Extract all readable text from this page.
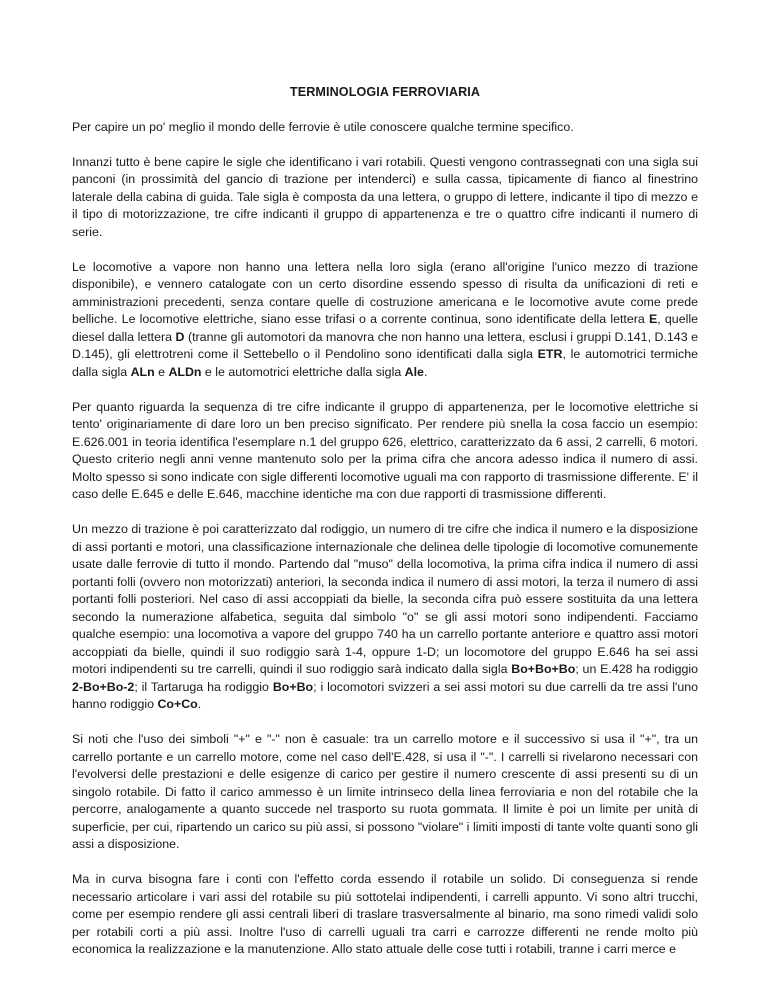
TERMINOLOGIA FERROVIARIA

Per capire un po' meglio il mondo delle ferrovie è utile conoscere qualche termine specifico.

Innanzi tutto è bene capire le sigle che identificano i vari rotabili. Questi vengono contrassegnati con una sigla sui panconi (in prossimità del gancio di trazione per intenderci) e sulla cassa, tipicamente di fianco al finestrino laterale della cabina di guida. Tale sigla è composta da una lettera, o gruppo di lettere, indicante il tipo di mezzo e il tipo di motorizzazione, tre cifre indicanti il gruppo di appartenenza e tre o quattro cifre indicanti il numero di serie.

Le locomotive a vapore non hanno una lettera nella loro sigla (erano all'origine l'unico mezzo di trazione disponibile), e vennero catalogate con un certo disordine essendo spesso di risulta da unificazioni di reti e amministrazioni precedenti, senza contare quelle di costruzione americana e le locomotive avute come prede belliche. Le locomotive elettriche, siano esse trifasi o a corrente continua, sono identificate della lettera E, quelle diesel dalla lettera D (tranne gli automotori da manovra che non hanno una lettera, esclusi i gruppi D.141, D.143 e D.145), gli elettrotreni come il Settebello o il Pendolino sono identificati dalla sigla ETR, le automotrici termiche dalla sigla ALn e ALDn e le automotrici elettriche dalla sigla Ale.

Per quanto riguarda la sequenza di tre cifre indicante il gruppo di appartenenza, per le locomotive elettriche si tento' originariamente di dare loro un ben preciso significato. Per rendere più snella la cosa faccio un esempio: E.626.001 in teoria identifica l'esemplare n.1 del gruppo 626, elettrico, caratterizzato da 6 assi, 2 carrelli, 6 motori. Questo criterio negli anni venne mantenuto solo per la prima cifra che ancora adesso indica il numero di assi. Molto spesso si sono indicate con sigle differenti locomotive uguali ma con rapporto di trasmissione differente. E' il caso delle E.645 e delle E.646, macchine identiche ma con due rapporti di trasmissione differenti.

Un mezzo di trazione è poi caratterizzato dal rodiggio, un numero di tre cifre che indica il numero e la disposizione di assi portanti e motori, una classificazione internazionale che delinea delle tipologie di locomotive comunemente usate dalle ferrovie di tutto il mondo. Partendo dal "muso" della locomotiva, la prima cifra indica il numero di assi portanti folli (ovvero non motorizzati) anteriori, la seconda indica il numero di assi motori, la terza il numero di assi portanti folli posteriori. Nel caso di assi accoppiati da bielle, la seconda cifra può essere sostituita da una lettera secondo la numerazione alfabetica, seguita dal simbolo "o" se gli assi motori sono indipendenti. Facciamo qualche esempio: una locomotiva a vapore del gruppo 740 ha un carrello portante anteriore e quattro assi motori accoppiati da bielle, quindi il suo rodiggio sarà 1-4, oppure 1-D; un locomotore del gruppo E.646 ha sei assi motori indipendenti su tre carrelli, quindi il suo rodiggio sarà indicato dalla sigla Bo+Bo+Bo; un E.428 ha rodiggio 2-Bo+Bo-2; il Tartaruga ha rodiggio Bo+Bo; i locomotori svizzeri a sei assi motori su due carrelli da tre assi l'uno hanno rodiggio Co+Co.

Si noti che l'uso dei simboli "+" e "-" non è casuale: tra un carrello motore e il successivo si usa il "+", tra un carrello portante e un carrello motore, come nel caso dell'E.428, si usa il "-". I carrelli si rivelarono necessari con l'evolversi delle prestazioni e delle esigenze di carico per gestire il numero crescente di assi presenti su di un singolo rotabile. Di fatto il carico ammesso è un limite intrinseco della linea ferroviaria e non del rotabile che la percorre, analogamente a quanto succede nel trasporto su ruota gommata. Il limite è poi un limite per unità di superficie, per cui, ripartendo un carico su più assi, si possono "violare" i limiti imposti di tante volte quanti sono gli assi a disposizione.

Ma in curva bisogna fare i conti con l'effetto corda essendo il rotabile un solido. Di conseguenza si rende necessario articolare i vari assi del rotabile su più sottotelai indipendenti, i carrelli appunto. Vi sono altri trucchi, come per esempio rendere gli assi centrali liberi di traslare trasversalmente al binario, ma sono rimedi validi solo per rotabili corti a più assi. Inoltre l'uso di carrelli uguali tra carri e carrozze differenti ne rende molto più economica la realizzazione e la manutenzione. Allo stato attuale delle cose tutti i rotabili, tranne i carri merce e
